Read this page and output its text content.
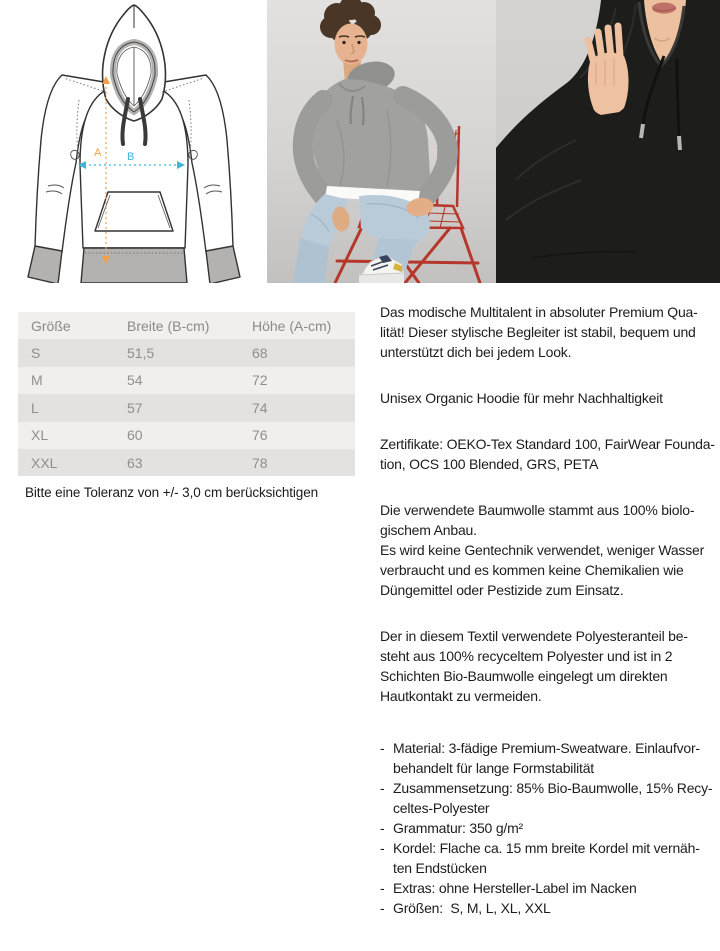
A B
Größe	Breite (B-cm)	Höhe (A-cm)
S	51,5	68
M	54	72
L	57	74
XL	60	76
XXL	63	78
Bitte eine Toleranz von +/- 3,0 cm berücksichtigen

Das modische Multitalent in absoluter Premium Qua-
lität! Dieser stylische Begleiter ist stabil, bequem und
unterstützt dich bei jedem Look.

Unisex Organic Hoodie für mehr Nachhaltigkeit

Zertifikate: OEKO-Tex Standard 100, FairWear Founda-
tion, OCS 100 Blended, GRS, PETA

Die verwendete Baumwolle stammt aus 100% biolo-
gischem Anbau.
Es wird keine Gentechnik verwendet, weniger Wasser
verbraucht und es kommen keine Chemikalien wie
Düngemittel oder Pestizide zum Einsatz.

Der in diesem Textil verwendete Polyesteranteil be-
steht aus 100% recyceltem Polyester und ist in 2
Schichten Bio-Baumwolle eingelegt um direkten
Hautkontakt zu vermeiden.

- Material: 3-fädige Premium-Sweatware. Einlaufvor-
behandelt für lange Formstabilität
- Zusammensetzung: 85% Bio-Baumwolle, 15% Recy-
celtes-Polyester
- Grammatur: 350 g/m²
- Kordel: Flache ca. 15 mm breite Kordel mit vernäh-
ten Endstücken
- Extras: ohne Hersteller-Label im Nacken
- Größen:  S, M, L, XL, XXL
